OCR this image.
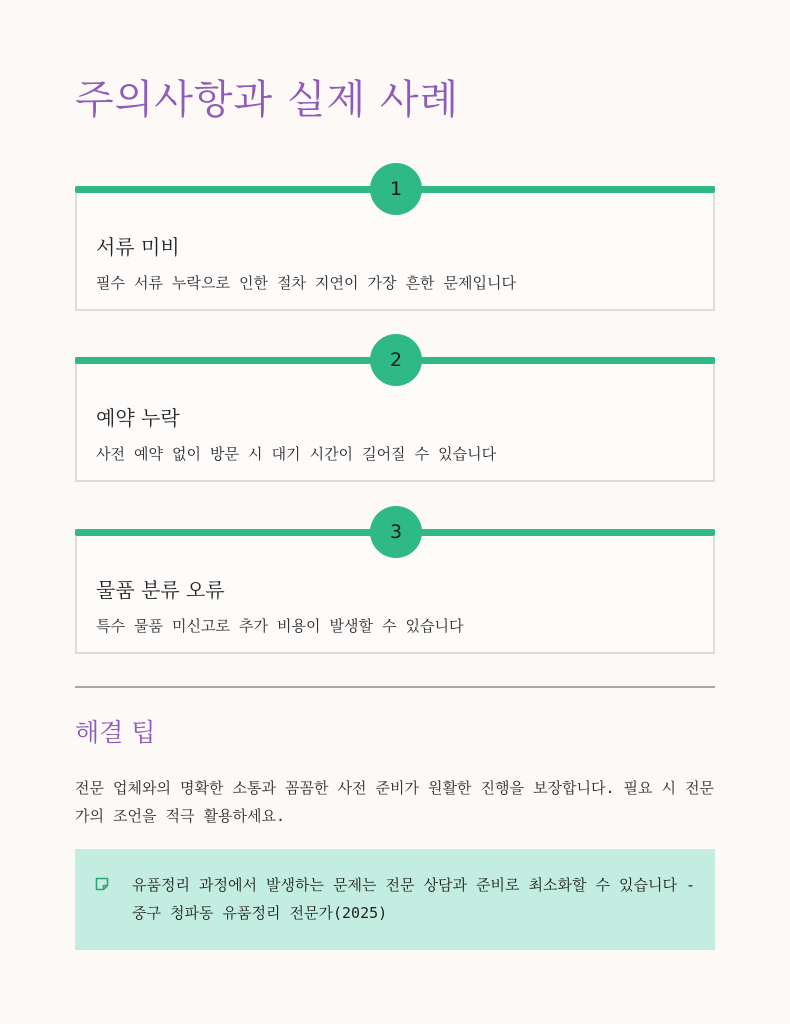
주의사항과 실제 사례
1
서류 미비

필수 서류 누락으로 인한 절차 지연이 가장 흔한 문제입니다

2
예약 누락

사전 예약 없이 방문 시 대기 시간이 길어질 수 있습니다

3
물품 분류 오류

특수 물품 미신고로 추가 비용이 발생할 수 있습니다

해결 팁

전문 업체와의 명확한 소통과 꼼꼼한 사전 준비가 원활한 진행을 보장합니다. 필요 시 전문가의 조언을 적극 활용하세요.

유품정리 과정에서 발생하는 문제는 전문 상담과 준비로 최소화할 수 있습니다 - 중구 청파동 유품정리 전문가(2025)
